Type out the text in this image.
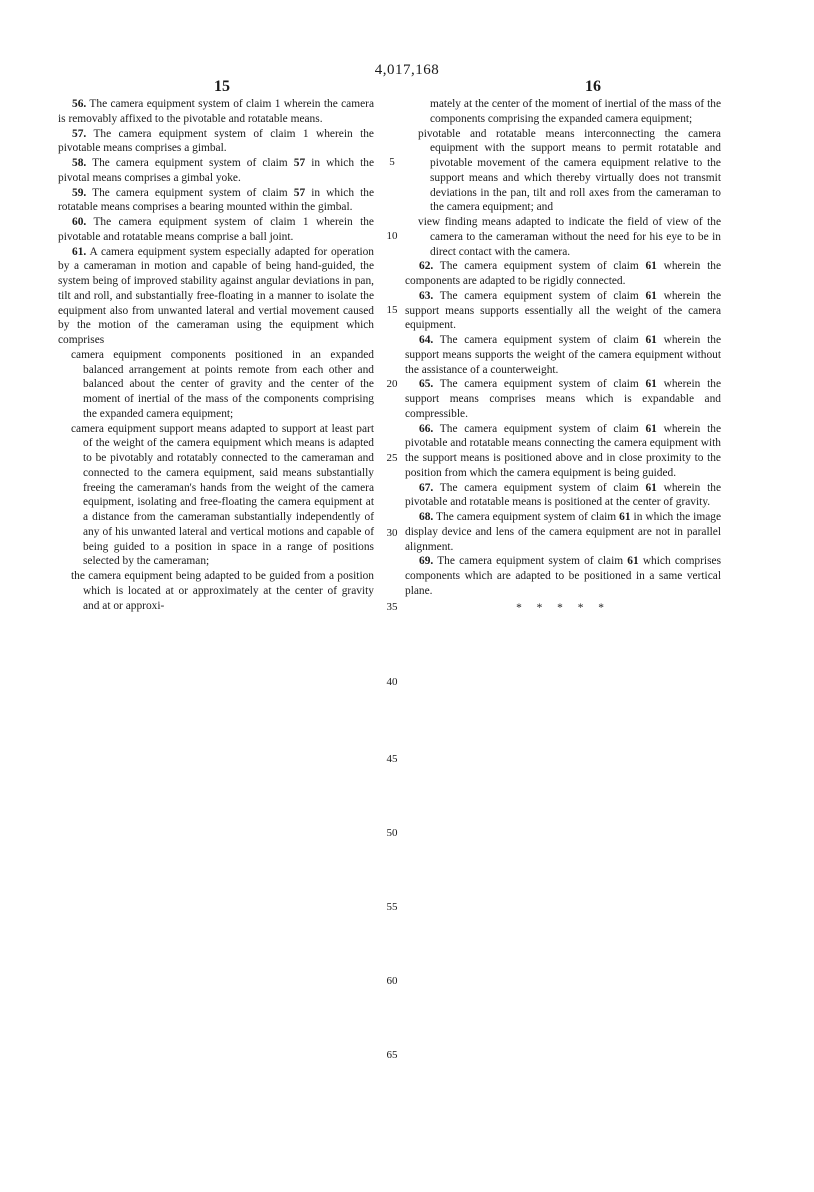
4,017,168
15	16

56. The camera equipment system of claim 1 wherein the camera is removably affixed to the pivotable and rotatable means.

57. The camera equipment system of claim 1 wherein the pivotable means comprises a gimbal.

58. The camera equipment system of claim 57 in which the pivotal means comprises a gimbal yoke.

59. The camera equipment system of claim 57 in which the rotatable means comprises a bearing mounted within the gimbal.

60. The camera equipment system of claim 1 wherein the pivotable and rotatable means comprise a ball joint.

61. A camera equipment system especially adapted for operation by a cameraman in motion and capable of being hand-guided, the system being of improved stability against angular deviations in pan, tilt and roll, and substantially free-floating in a manner to isolate the equipment also from unwanted lateral and vertial movement caused by the motion of the cameraman using the equipment which comprises

camera equipment components positioned in an expanded balanced arrangement at points remote from each other and balanced about the center of gravity and the center of the moment of inertial of the mass of the components comprising the expanded camera equipment;

camera equipment support means adapted to support at least part of the weight of the camera equipment which means is adapted to be pivotably and rotatably connected to the cameraman and connected to the camera equipment, said means substantially freeing the cameraman's hands from the weight of the camera equipment, isolating and free-floating the camera equipment at a distance from the cameraman substantially independently of any of his unwanted lateral and vertical motions and capable of being guided to a position in space in a range of positions selected by the cameraman;

the camera equipment being adapted to be guided from a position which is located at or approximately at the center of gravity and at or approxi-

mately at the center of the moment of inertial of the mass of the components comprising the expanded camera equipment;

pivotable and rotatable means interconnecting the camera equipment with the support means to permit rotatable and pivotable movement of the camera equipment relative to the support means and which thereby virtually does not transmit deviations in the pan, tilt and roll axes from the cameraman to the camera equipment; and

view finding means adapted to indicate the field of view of the camera to the cameraman without the need for his eye to be in direct contact with the camera.

62. The camera equipment system of claim 61 wherein the components are adapted to be rigidly connected.

63. The camera equipment system of claim 61 wherein the support means supports essentially all the weight of the camera equipment.

64. The camera equipment system of claim 61 wherein the support means supports the weight of the camera equipment without the assistance of a counterweight.

65. The camera equipment system of claim 61 wherein the support means comprises means which is expandable and compressible.

66. The camera equipment system of claim 61 wherein the pivotable and rotatable means connecting the camera equipment with the support means is positioned above and in close proximity to the position from which the camera equipment is being guided.

67. The camera equipment system of claim 61 wherein the pivotable and rotatable means is positioned at the center of gravity.

68. The camera equipment system of claim 61 in which the image display device and lens of the camera equipment are not in parallel alignment.

69. The camera equipment system of claim 61 which comprises components which are adapted to be positioned in a same vertical plane.

* * * * *
5
10
15
20
25
30
35
40
45
50
55
60
65
